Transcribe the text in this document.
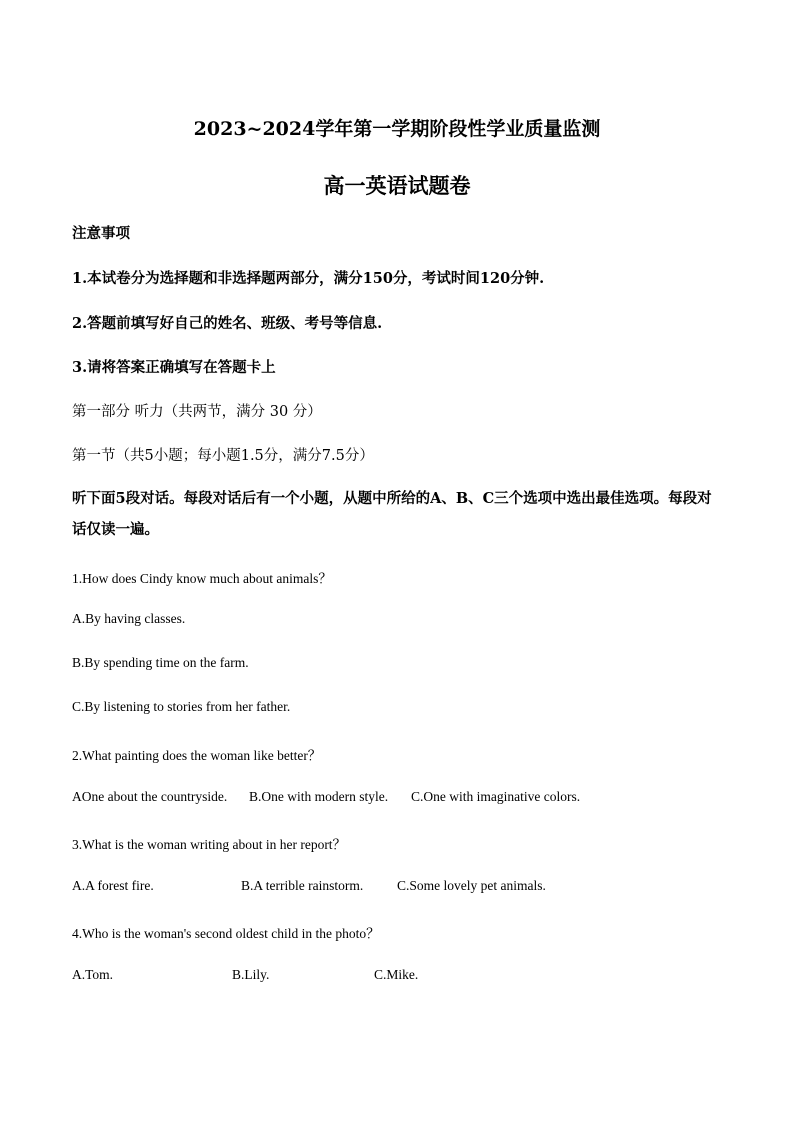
2023~2024学年第一学期阶段性学业质量监测
高一英语试题卷
注意事项
1.本试卷分为选择题和非选择题两部分，满分150分，考试时间120分钟.
2.答题前填写好自己的姓名、班级、考号等信息.
3.请将答案正确填写在答题卡上
第一部分 听力（共两节，满分 30 分）
第一节（共5小题；每小题1.5分，满分7.5分）
听下面5段对话。每段对话后有一个小题，从题中所给的A、B、C三个选项中选出最佳选项。每段对话仅读一遍。
1.How does Cindy know much about animals？
A.By having classes.
B.By spending time on the farm.
C.By listening to stories from her father.
2.What painting does the woman like better？
AOne about the countryside. B.One with modern style. C.One with imaginative colors.
3.What is the woman writing about in her report？
A.A forest fire.	B.A terrible rainstorm.	C.Some lovely pet animals.
4.Who is the woman's second oldest child in the photo？
A.Tom.	B.Lily.	C.Mike.
